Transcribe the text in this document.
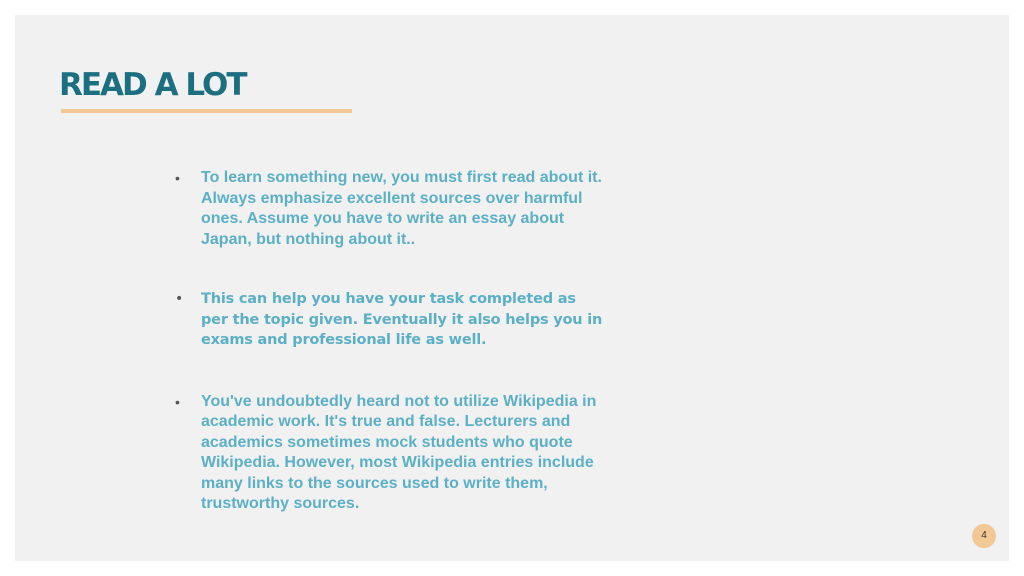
READ A LOT
• To learn something new, you must first read about it. Always emphasize excellent sources over harmful ones. Assume you have to write an essay about Japan, but nothing about it..
• This can help you have your task completed as per the topic given. Eventually it also helps you in exams and professional life as well.
• You've undoubtedly heard not to utilize Wikipedia in academic work. It's true and false. Lecturers and academics sometimes mock students who quote Wikipedia. However, most Wikipedia entries include many links to the sources used to write them, trustworthy sources.
4
